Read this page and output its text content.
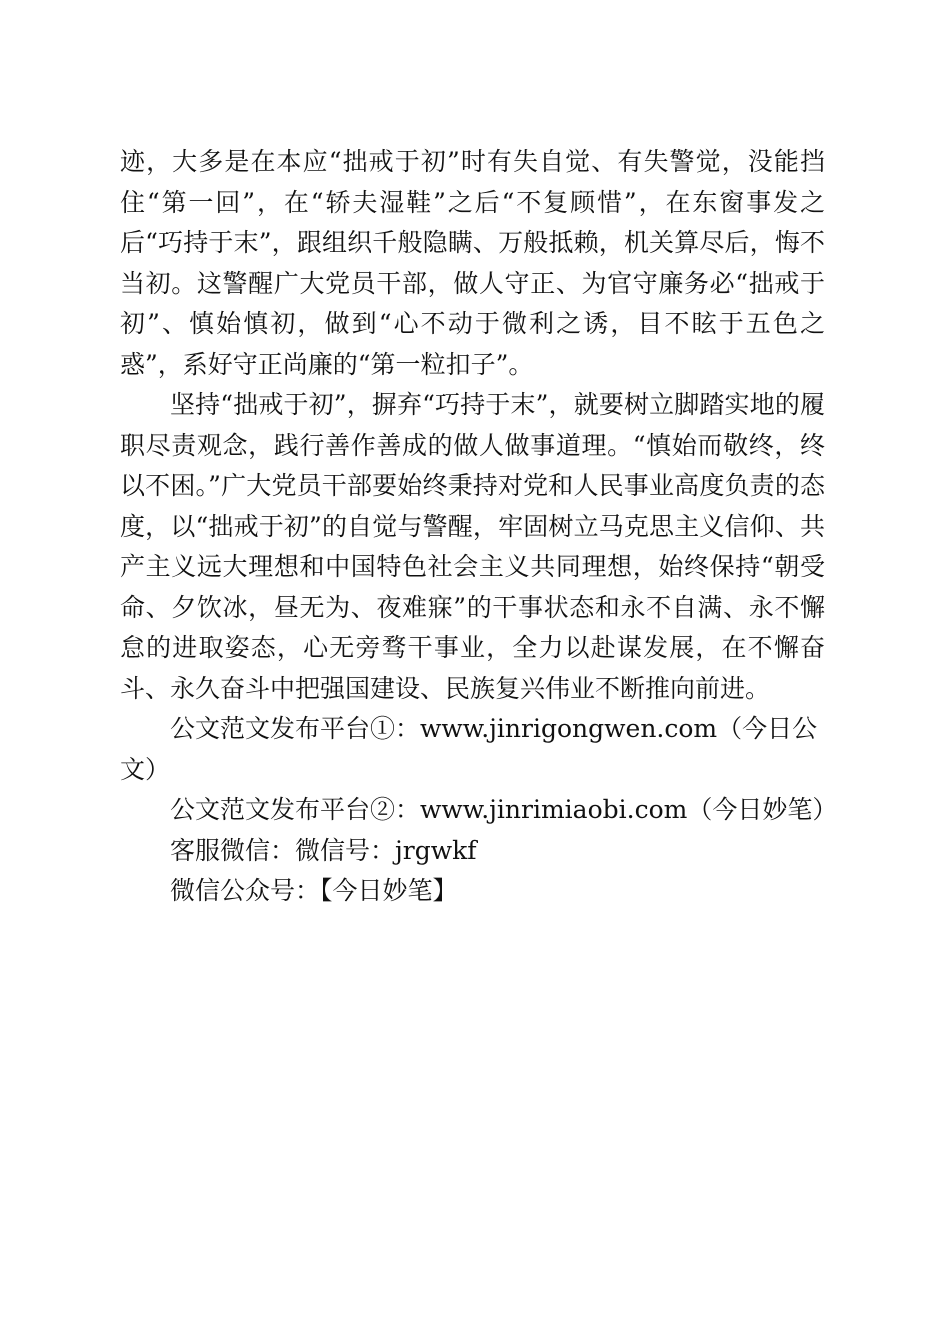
迹，大多是在本应“拙戒于初”时有失自觉、有失警觉，没能挡住“第一回”，在“轿夫湿鞋”之后“不复顾惜”，在东窗事发之后“巧持于末”，跟组织千般隐瞒、万般抵赖，机关算尽后，悔不当初。这警醒广大党员干部，做人守正、为官守廉务必“拙戒于初”、慎始慎初，做到“心不动于微利之诱，目不眩于五色之惑”，系好守正尚廉的“第一粒扣子”。

坚持“拙戒于初”，摒弃“巧持于末”，就要树立脚踏实地的履职尽责观念，践行善作善成的做人做事道理。“慎始而敬终，终以不困。”广大党员干部要始终秉持对党和人民事业高度负责的态度，以“拙戒于初”的自觉与警醒，牢固树立马克思主义信仰、共产主义远大理想和中国特色社会主义共同理想，始终保持“朝受命、夕饮冰，昼无为、夜难寐”的干事状态和永不自满、永不懈怠的进取姿态，心无旁骛干事业，全力以赴谋发展，在不懈奋斗、永久奋斗中把强国建设、民族复兴伟业不断推向前进。

公文范文发布平台①：www.jinrigongwen.com（今日公文）

公文范文发布平台②：www.jinrimiaobi.com（今日妙笔）

客服微信：微信号：jrgwkf

微信公众号：【今日妙笔】
